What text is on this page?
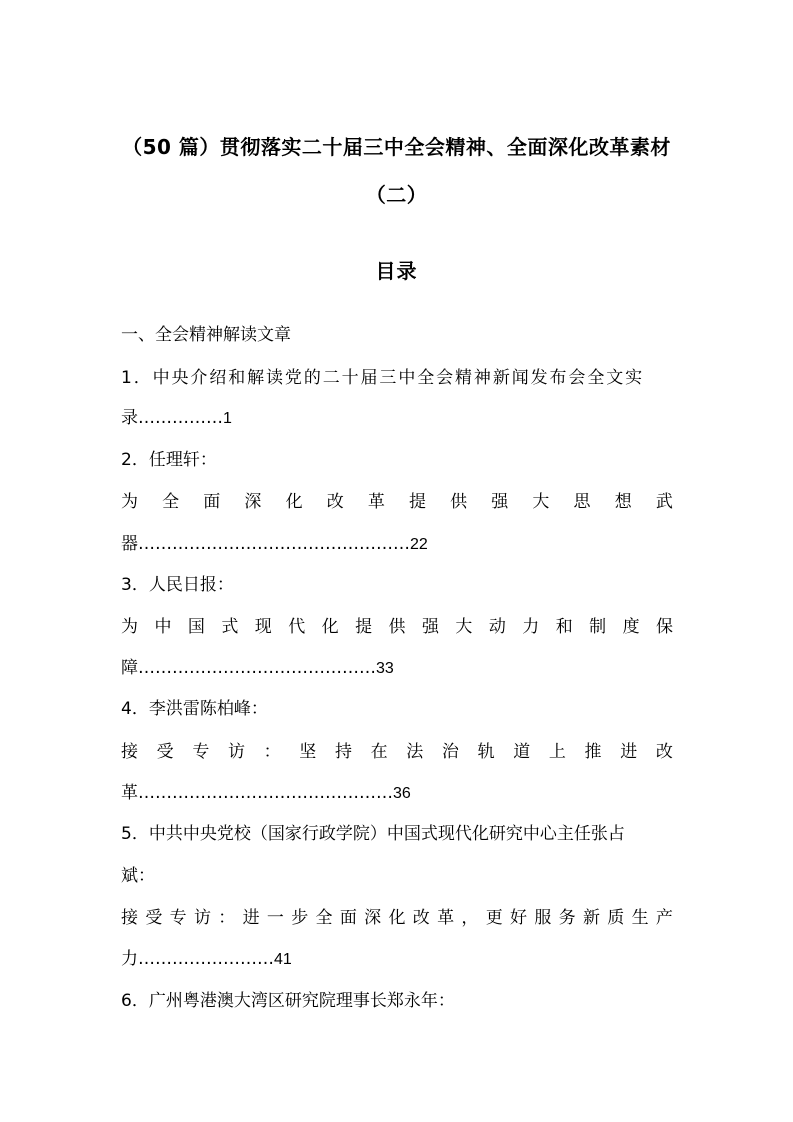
（50 篇）贯彻落实二十届三中全会精神、全面深化改革素材
（二）
目录
一、全会精神解读文章
1．中央介绍和解读党的二十届三中全会精神新闻发布会全文实
录……………1
2．任理轩：
为 全 面 深 化 改 革 提 供 强 大 思 想 武
器…………………………………………22
3．人民日报：
为 中 国 式 现 代 化 提 供 强 大 动 力 和 制 度 保
障……………………………………33
4．李洪雷陈柏峰：
接 受 专 访 ： 坚 持 在 法 治 轨 道 上 推 进 改
革………………………………………36
5．中共中央党校（国家行政学院）中国式现代化研究中心主任张占
斌：
接 受 专 访 ： 进 一 步 全 面 深 化 改 革 ， 更 好 服 务 新 质 生 产
力……………………41
6．广州粤港澳大湾区研究院理事长郑永年：
